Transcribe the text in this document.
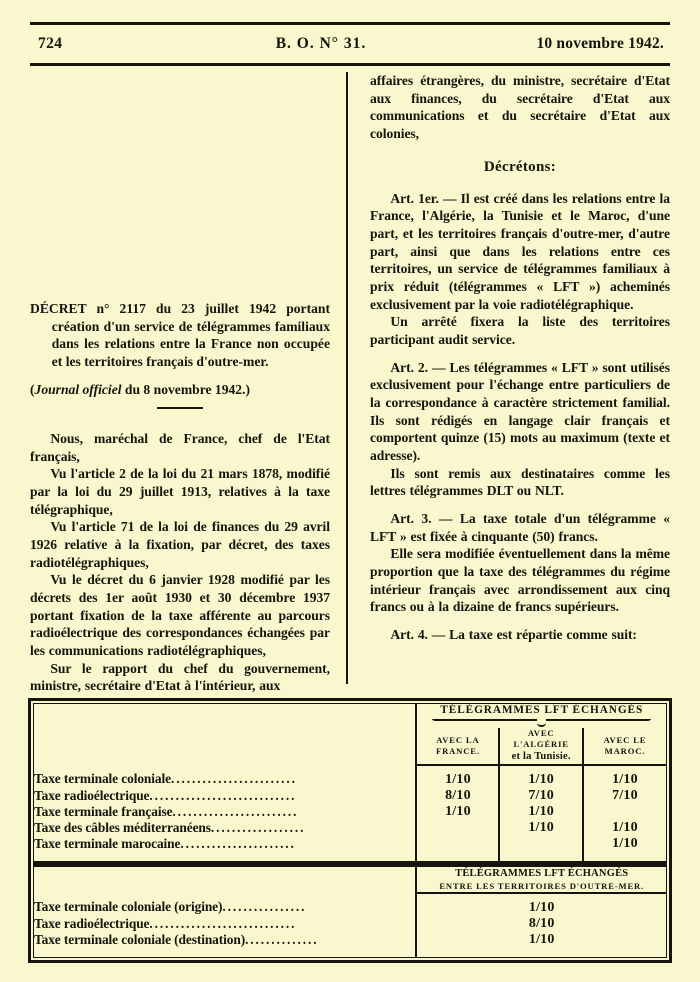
724	B. O. N° 31.	10 novembre 1942.

DÉCRET n° 2117 du 23 juillet 1942 portant création d'un service de télégrammes familiaux dans les relations entre la France non occupée et les territoires français d'outre-mer.

(Journal officiel du 8 novembre 1942.)

Nous, maréchal de France, chef de l'Etat français,

Vu l'article 2 de la loi du 21 mars 1878, modifié par la loi du 29 juillet 1913, relatives à la taxe télégraphique,

Vu l'article 71 de la loi de finances du 29 avril 1926 relative à la fixation, par décret, des taxes radiotélégraphiques,

Vu le décret du 6 janvier 1928 modifié par les décrets des 1er août 1930 et 30 décembre 1937 portant fixation de la taxe afférente au parcours radioélectrique des correspondances échangées par les communications radiotélégraphiques,

Sur le rapport du chef du gouvernement, ministre, secrétaire d'Etat à l'intérieur, aux

affaires étrangères, du ministre, secrétaire d'Etat aux finances, du secrétaire d'Etat aux communications et du secrétaire d'Etat aux colonies,

Décrétons:

Art. 1er. — Il est créé dans les relations entre la France, l'Algérie, la Tunisie et le Maroc, d'une part, et les territoires français d'outre-mer, d'autre part, ainsi que dans les relations entre ces territoires, un service de télégrammes familiaux à prix réduit (télégrammes « LFT ») acheminés exclusivement par la voie radiotélégraphique.

Un arrêté fixera la liste des territoires participant audit service.

Art. 2. — Les télégrammes « LFT » sont utilisés exclusivement pour l'échange entre particuliers de la correspondance à caractère strictement familial. Ils sont rédigés en langage clair français et comportent quinze (15) mots au maximum (texte et adresse).

Ils sont remis aux destinataires comme les lettres télégrammes DLT ou NLT.

Art. 3. — La taxe totale d'un télégramme « LFT » est fixée à cinquante (50) francs.

Elle sera modifiée éventuellement dans la même proportion que la taxe des télégrammes du régime intérieur français avec arrondissement aux cinq francs ou à la dizaine de francs supérieurs.

Art. 4. — La taxe est répartie comme suit:

	TÉLÉGRAMMES LFT ÉCHANGÉS		

	AVEC LA FRANCE.	AVEC L'ALGÉRIE
et la Tunisie.	AVEC LE MAROC.
Taxe terminale coloniale........................	1/10	1/10	1/10
Taxe radioélectrique............................	8/10	7/10	7/10
Taxe terminale française........................	1/10	1/10	
Taxe des câbles méditerranéens..................		1/10	1/10
Taxe terminale marocaine......................			1/10

	TÉLÉGRAMMES LFT ÉCHANGÉS
ENTRE LES TERRITOIRES D'OUTRE-MER.
Taxe terminale coloniale (origine)................	1/10
Taxe radioélectrique............................	8/10
Taxe terminale coloniale (destination)..............	1/10
